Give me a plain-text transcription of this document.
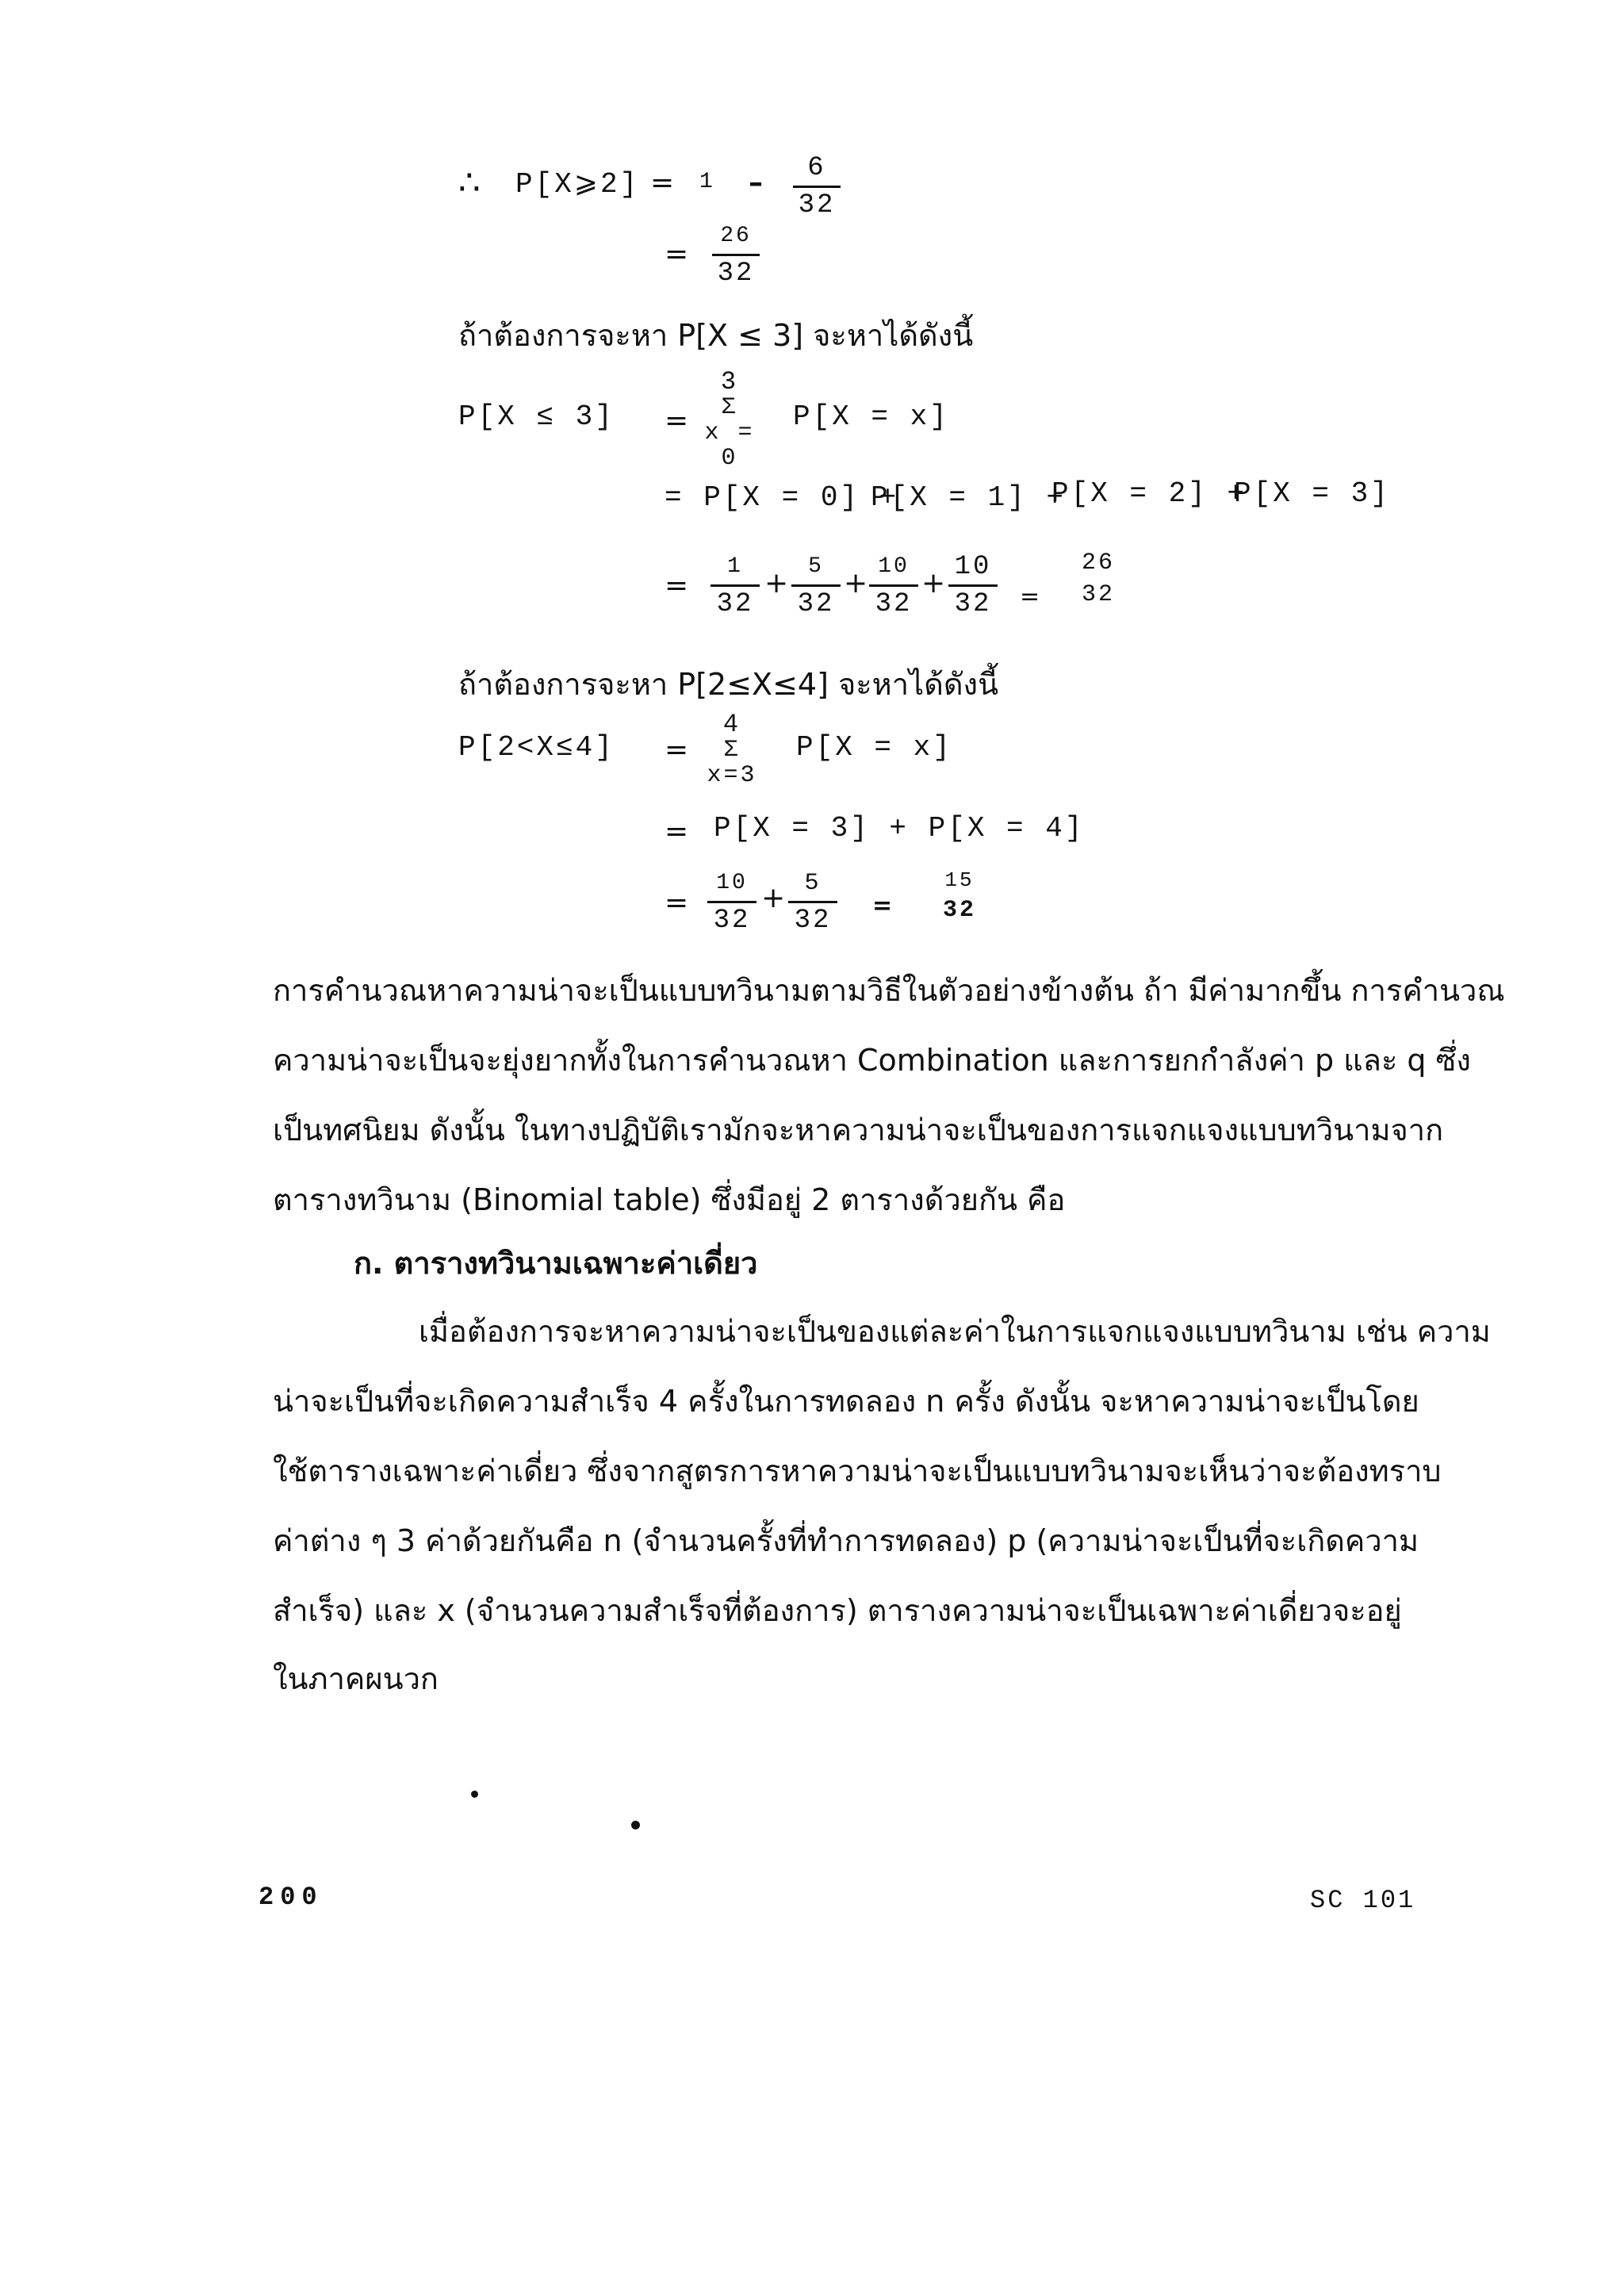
∴ P[X⩾2] = 1 –	6
32
=
26
32
ถ้าต้องการจะหา P[X ≤ 3] จะหาได้ดังนี้
P[X ≤ 3] =
3
Σ
x = 0
P[X = x]
= P[X = 0] +
P[X = 1] +
P[X = 2] +
P[X = 3]
=
1
32
+
5
32
+
10
32
+ 10
32 =
26
32
ถ้าต้องการจะหา P[2≤X≤4] จะหาได้ดังนี้
P[2<X≤4] =
4
Σ
x=3
P[X = x]
= P[X = 3] + P[X = 4]
=
10
32
+ 5
32 =
15
32
การคำนวณหาความน่าจะเป็นแบบทวินามตามวิธีในตัวอย่างข้างต้น ถ้า มีค่ามากขึ้น การคำนวณ
ความน่าจะเป็นจะยุ่งยากทั้งในการคำนวณหา Combination และการยกกำลังค่า p และ q ซึ่ง
เป็นทศนิยม ดังนั้น ในทางปฏิบัติเรามักจะหาความน่าจะเป็นของการแจกแจงแบบทวินามจาก
ตารางทวินาม (Binomial table) ซึ่งมีอยู่ 2 ตารางด้วยกัน คือ
ก. ตารางทวินามเฉพาะค่าเดี่ยว
เมื่อต้องการจะหาความน่าจะเป็นของแต่ละค่าในการแจกแจงแบบทวินาม เช่น ความ
น่าจะเป็นที่จะเกิดความสำเร็จ 4 ครั้งในการทดลอง n ครั้ง ดังนั้น จะหาความน่าจะเป็นโดย
ใช้ตารางเฉพาะค่าเดี่ยว ซึ่งจากสูตรการหาความน่าจะเป็นแบบทวินามจะเห็นว่าจะต้องทราบ
ค่าต่าง ๆ 3 ค่าด้วยกันคือ n (จำนวนครั้งที่ทำการทดลอง) p (ความน่าจะเป็นที่จะเกิดความ
สำเร็จ) และ x (จำนวนความสำเร็จที่ต้องการ) ตารางความน่าจะเป็นเฉพาะค่าเดี่ยวจะอยู่
ในภาคผนวก
200	SC 101
